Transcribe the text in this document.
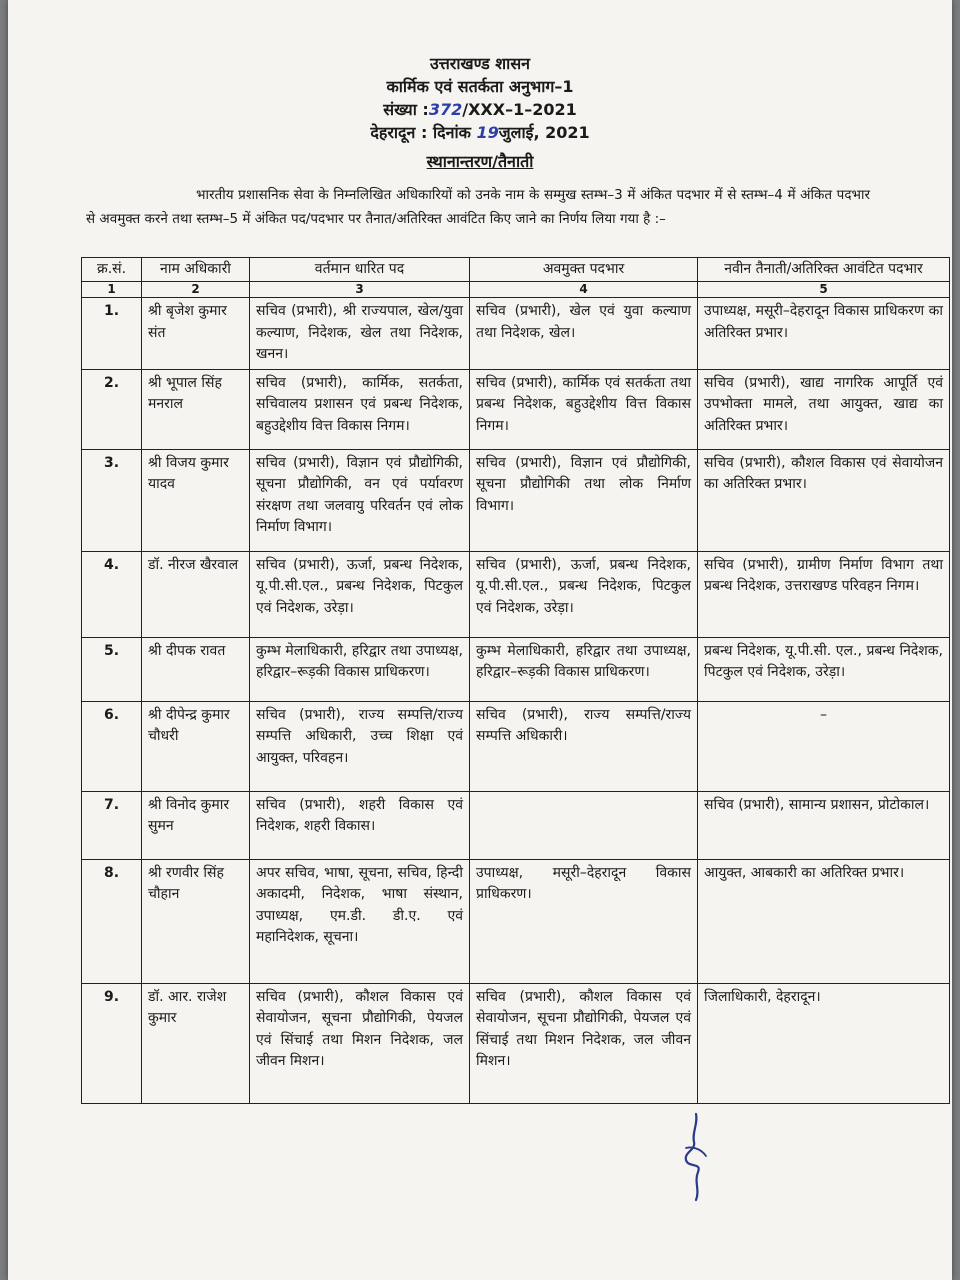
उत्तराखण्ड शासन
कार्मिक एवं सतर्कता अनुभाग–1
संख्या :372/XXX–1–2021
देहरादून : दिनांक 19जुलाई, 2021
स्थानान्तरण/तैनाती
भारतीय प्रशासनिक सेवा के निम्नलिखित अधिकारियों को उनके नाम के सम्मुख स्तम्भ–3 में अंकित पदभार में से स्तम्भ–4 में अंकित पदभार से अवमुक्त करने तथा स्तम्भ–5 में अंकित पद/पदभार पर तैनात/अतिरिक्त आवंटित किए जाने का निर्णय लिया गया है :–
क्र.सं.	नाम अधिकारी	वर्तमान धारित पद	अवमुक्त पदभार	नवीन तैनाती/अतिरिक्त आवंटित पदभार
1	2	3	4	5
1.	श्री बृजेश कुमार संत	सचिव (प्रभारी), श्री राज्यपाल, खेल/युवा कल्याण, निदेशक, खेल तथा निदेशक, खनन।	सचिव (प्रभारी), खेल एवं युवा कल्याण तथा निदेशक, खेल।	उपाध्यक्ष, मसूरी–देहरादून विकास प्राधिकरण का अतिरिक्त प्रभार।
2.	श्री भूपाल सिंह मनराल	सचिव (प्रभारी), कार्मिक, सतर्कता, सचिवालय प्रशासन एवं प्रबन्ध निदेशक, बहुउद्देशीय वित्त विकास निगम।	सचिव (प्रभारी), कार्मिक एवं सतर्कता तथा प्रबन्ध निदेशक, बहुउद्देशीय वित्त विकास निगम।	सचिव (प्रभारी), खाद्य नागरिक आपूर्ति एवं उपभोक्ता मामले, तथा आयुक्त, खाद्य का अतिरिक्त प्रभार।
3.	श्री विजय कुमार यादव	सचिव (प्रभारी), विज्ञान एवं प्रौद्योगिकी, सूचना प्रौद्योगिकी, वन एवं पर्यावरण संरक्षण तथा जलवायु परिवर्तन एवं लोक निर्माण विभाग।	सचिव (प्रभारी), विज्ञान एवं प्रौद्योगिकी, सूचना प्रौद्योगिकी तथा लोक निर्माण विभाग।	सचिव (प्रभारी), कौशल विकास एवं सेवायोजन का अतिरिक्त प्रभार।
4.	डॉ. नीरज खैरवाल	सचिव (प्रभारी), ऊर्जा, प्रबन्ध निदेशक, यू.पी.सी.एल., प्रबन्ध निदेशक, पिटकुल एवं निदेशक, उरेड़ा।	सचिव (प्रभारी), ऊर्जा, प्रबन्ध निदेशक, यू.पी.सी.एल., प्रबन्ध निदेशक, पिटकुल एवं निदेशक, उरेड़ा।	सचिव (प्रभारी), ग्रामीण निर्माण विभाग तथा प्रबन्ध निदेशक, उत्तराखण्ड परिवहन निगम।
5.	श्री दीपक रावत	कुम्भ मेलाधिकारी, हरिद्वार तथा उपाध्यक्ष, हरिद्वार–रूड़की विकास प्राधिकरण।	कुम्भ मेलाधिकारी, हरिद्वार तथा उपाध्यक्ष, हरिद्वार–रूड़की विकास प्राधिकरण।	प्रबन्ध निदेशक, यू.पी.सी. एल., प्रबन्ध निदेशक, पिटकुल एवं निदेशक, उरेड़ा।
6.	श्री दीपेन्द्र कुमार चौधरी	सचिव (प्रभारी), राज्य सम्पत्ति/राज्य सम्पत्ति अधिकारी, उच्च शिक्षा एवं आयुक्त, परिवहन।	सचिव (प्रभारी), राज्य सम्पत्ति/राज्य सम्पत्ति अधिकारी।	–
7.	श्री विनोद कुमार सुमन	सचिव (प्रभारी), शहरी विकास एवं निदेशक, शहरी विकास।		सचिव (प्रभारी), सामान्य प्रशासन, प्रोटोकाल।
8.	श्री रणवीर सिंह चौहान	अपर सचिव, भाषा, सूचना, सचिव, हिन्दी अकादमी, निदेशक, भाषा संस्थान, उपाध्यक्ष, एम.डी. डी.ए. एवं महानिदेशक, सूचना।	उपाध्यक्ष, मसूरी–देहरादून विकास प्राधिकरण।	आयुक्त, आबकारी का अतिरिक्त प्रभार।
9.	डॉ. आर. राजेश कुमार	सचिव (प्रभारी), कौशल विकास एवं सेवायोजन, सूचना प्रौद्योगिकी, पेयजल एवं सिंचाई तथा मिशन निदेशक, जल जीवन मिशन।	सचिव (प्रभारी), कौशल विकास एवं सेवायोजन, सूचना प्रौद्योगिकी, पेयजल एवं सिंचाई तथा मिशन निदेशक, जल जीवन मिशन।	जिलाधिकारी, देहरादून।
